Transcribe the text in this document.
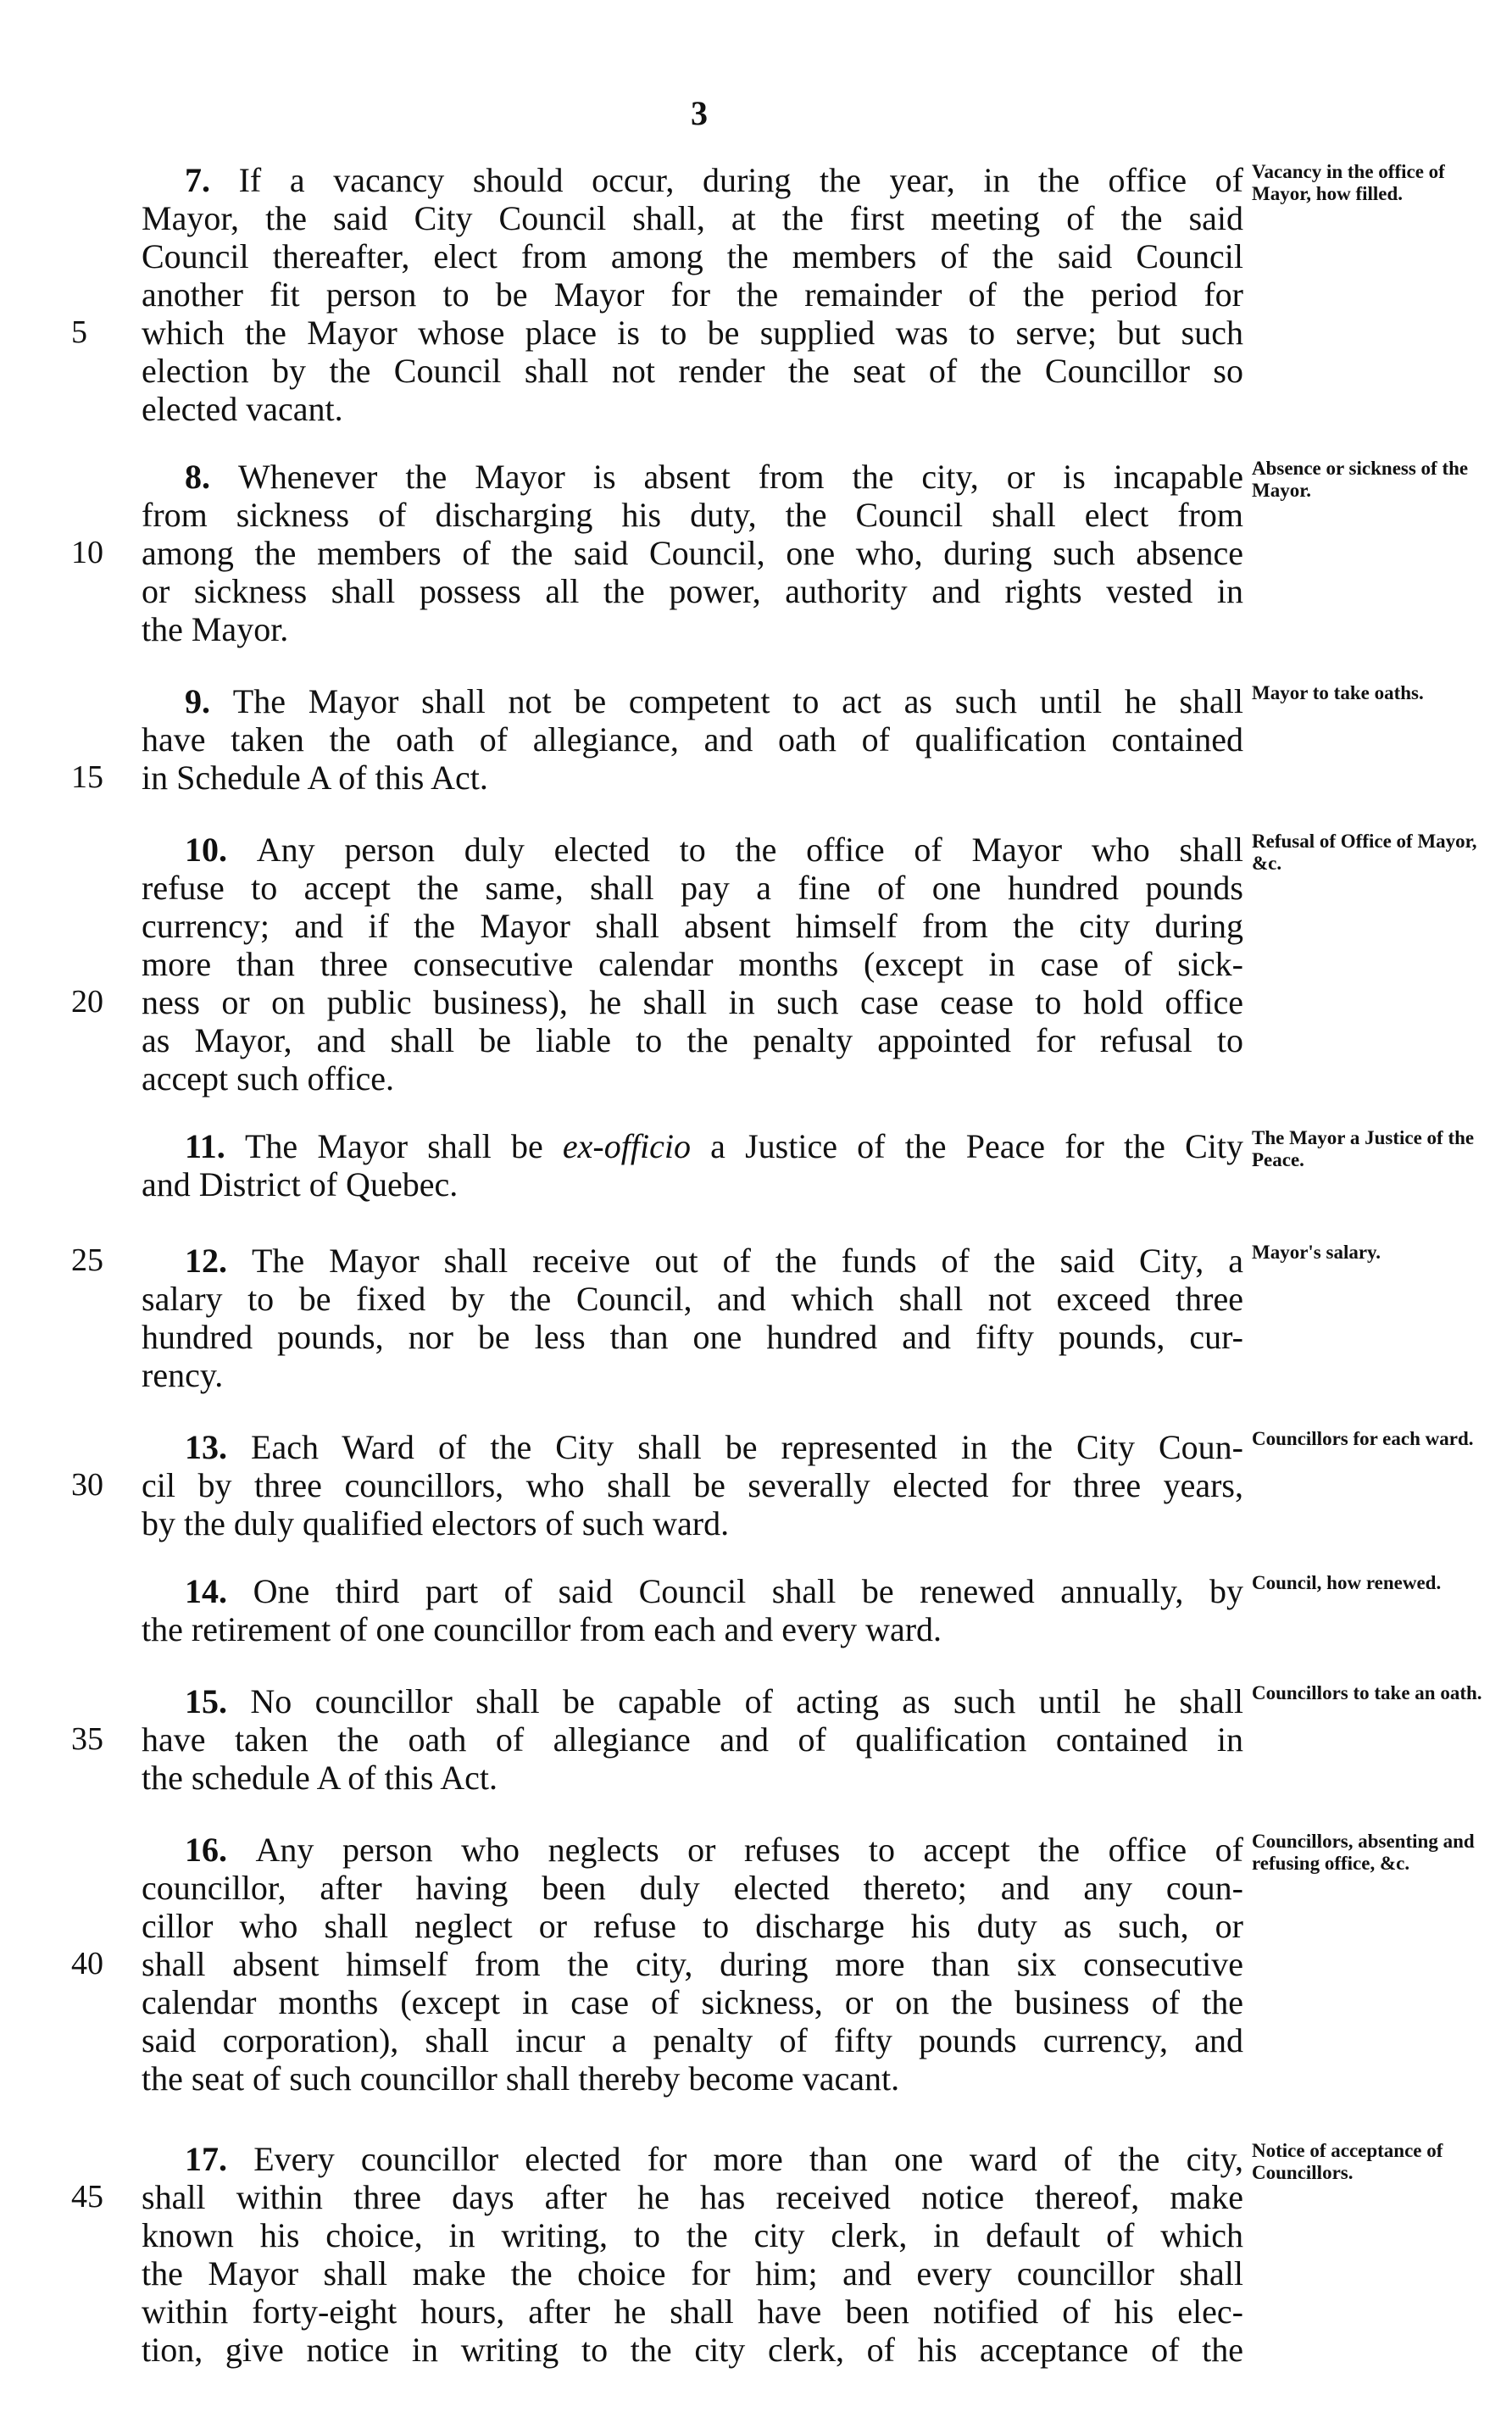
3
Vacancy in the office of Mayor, how filled.
7. If a vacancy should occur, during the year, in the office of
Mayor, the said City Council shall, at the first meeting of the said
Council thereafter, elect from among the members of the said Council
another fit person to be Mayor for the remainder of the period for
5	which the Mayor whose place is to be supplied was to serve; but such
election by the Council shall not render the seat of the Councillor so
elected vacant.
Absence or sickness of the Mayor.
8. Whenever the Mayor is absent from the city, or is incapable
from sickness of discharging his duty, the Council shall elect from
10	among the members of the said Council, one who, during such absence
or sickness shall possess all the power, authority and rights vested in
the Mayor.
Mayor to take oaths.
9. The Mayor shall not be competent to act as such until he shall
have taken the oath of allegiance, and oath of qualification contained
15	in Schedule A of this Act.
Refusal of Office of Mayor, &c.
10. Any person duly elected to the office of Mayor who shall
refuse to accept the same, shall pay a fine of one hundred pounds
currency; and if the Mayor shall absent himself from the city during
more than three consecutive calendar months (except in case of sick-
20	ness or on public business), he shall in such case cease to hold office
as Mayor, and shall be liable to the penalty appointed for refusal to
accept such office.
The Mayor a Justice of the Peace.
11. The Mayor shall be ex-officio a Justice of the Peace for the City
and District of Quebec.
Mayor's salary.
25	12. The Mayor shall receive out of the funds of the said City, a
salary to be fixed by the Council, and which shall not exceed three
hundred pounds, nor be less than one hundred and fifty pounds, cur-
rency.
Councillors for each ward.
13. Each Ward of the City shall be represented in the City Coun-
30	cil by three councillors, who shall be severally elected for three years,
by the duly qualified electors of such ward.
Council, how renewed.
14. One third part of said Council shall be renewed annually, by
the retirement of one councillor from each and every ward.
Councillors to take an oath.
15. No councillor shall be capable of acting as such until he shall
35	have taken the oath of allegiance and of qualification contained in
the schedule A of this Act.
Councillors, absenting and refusing office, &c.
16. Any person who neglects or refuses to accept the office of
councillor, after having been duly elected thereto; and any coun-
cillor who shall neglect or refuse to discharge his duty as such, or
40	shall absent himself from the city, during more than six consecutive
calendar months (except in case of sickness, or on the business of the
said corporation), shall incur a penalty of fifty pounds currency, and
the seat of such councillor shall thereby become vacant.
Notice of acceptance of Councillors.
17. Every councillor elected for more than one ward of the city,
45	shall within three days after he has received notice thereof, make
known his choice, in writing, to the city clerk, in default of which
the Mayor shall make the choice for him; and every councillor shall
within forty-eight hours, after he shall have been notified of his elec-
tion, give notice in writing to the city clerk, of his acceptance of the
